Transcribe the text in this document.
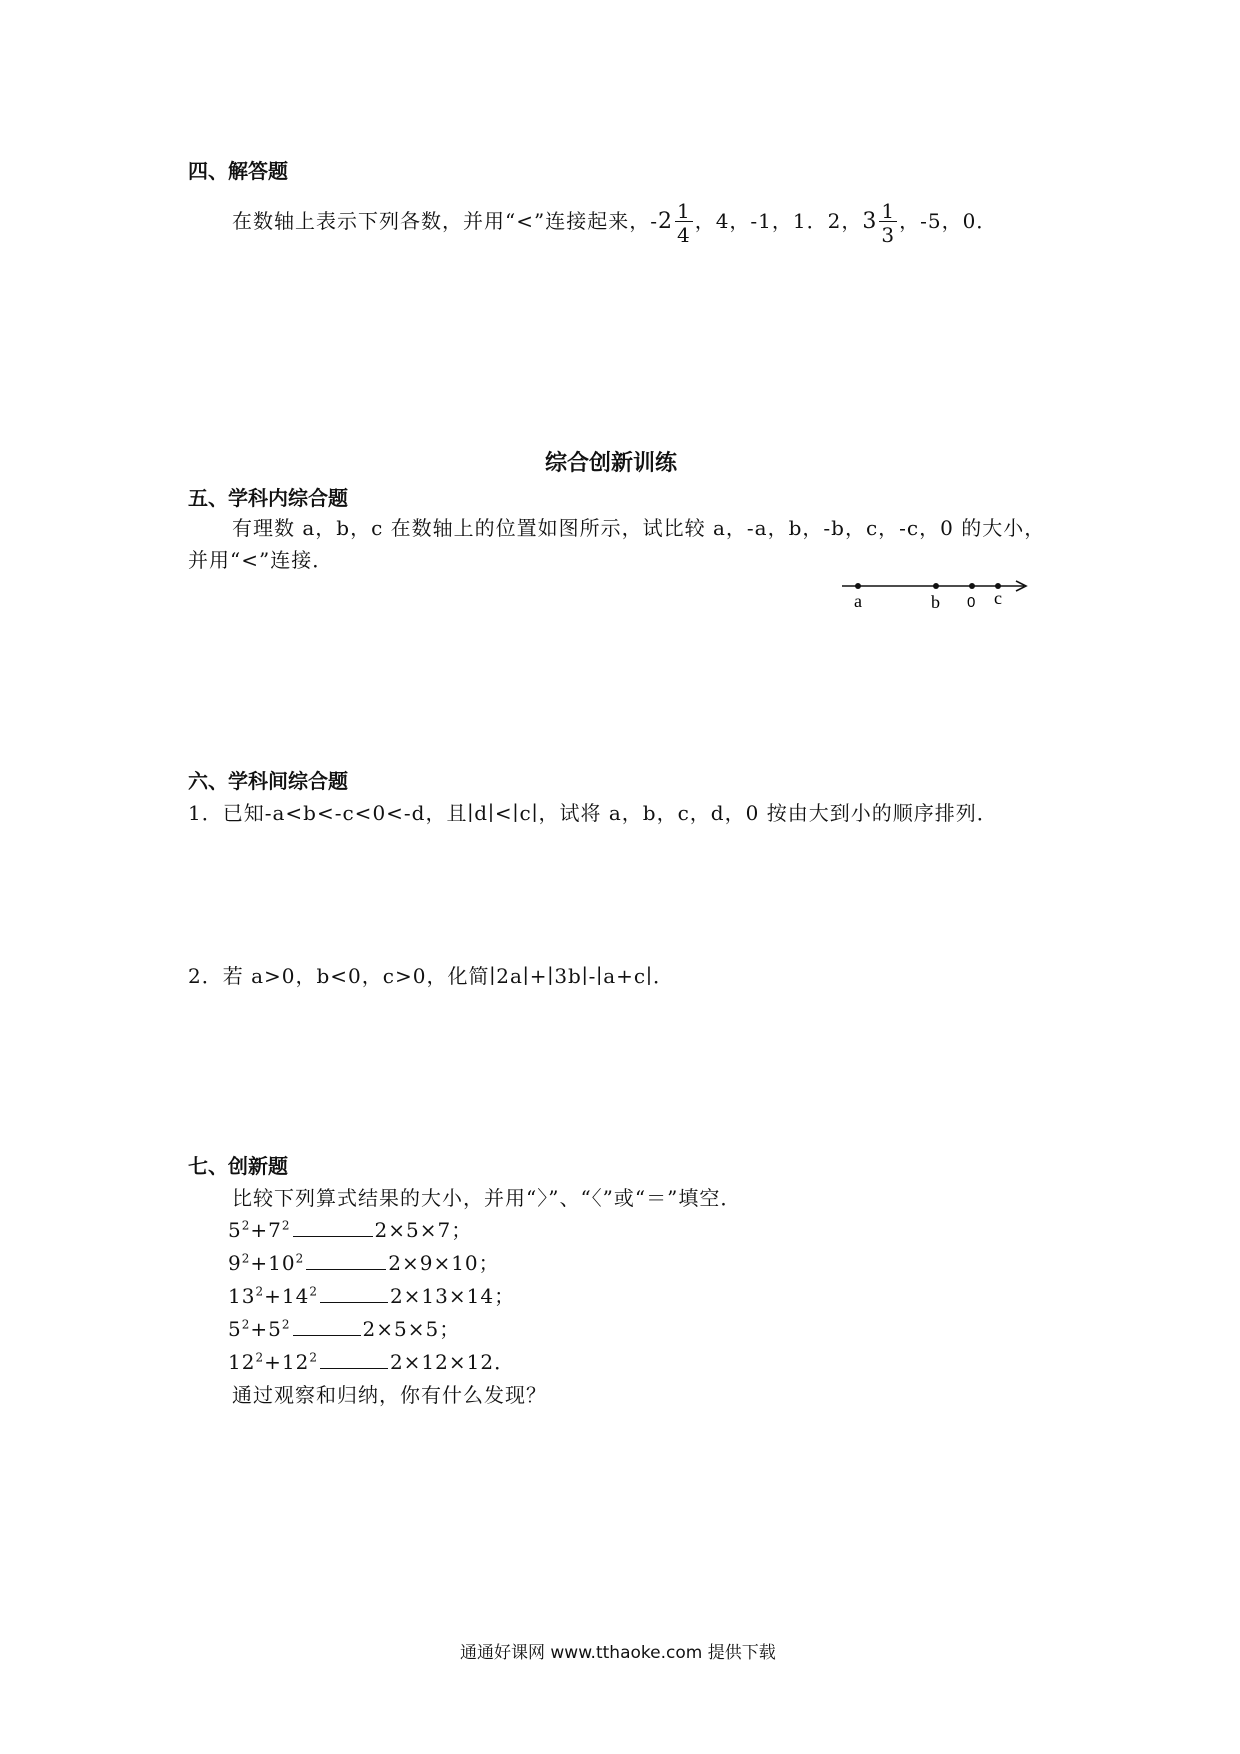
四、解答题
在数轴上表示下列各数，并用“<”连接起来，$-2 \frac{1}{4}$ ，4，-1，1．2，$3 \frac{1}{3}$ ，-5，0．
综合创新训练
五、学科内综合题
有理数 a，b，c 在数轴上的位置如图所示，试比较 a，-a，b，-b，c，-c，0 的大小，
并用“<”连接．
a	b 0 c
六、学科间综合题
1．已知-a<b<-c<0<-d，且∣d∣<∣c∣，试将 a，b，c，d，0 按由大到小的顺序排列．
2．若 a>0，b<0，c>0，化简∣2a∣+∣3b∣-∣a+c∣．
七、创新题
比较下列算式结果的大小，并用“〉”、“〈”或“＝”填空．
$5^2+7^2$	2×5×7；
$9^2+10^2$	2×9×10；
$13^2+14^2$	2×13×14；
$5^2+5^2$	2×5×5；
$12^2+12^2$	2×12×12．
通过观察和归纳，你有什么发现？
通通好课网 www.tthaoke.com 提供下载
